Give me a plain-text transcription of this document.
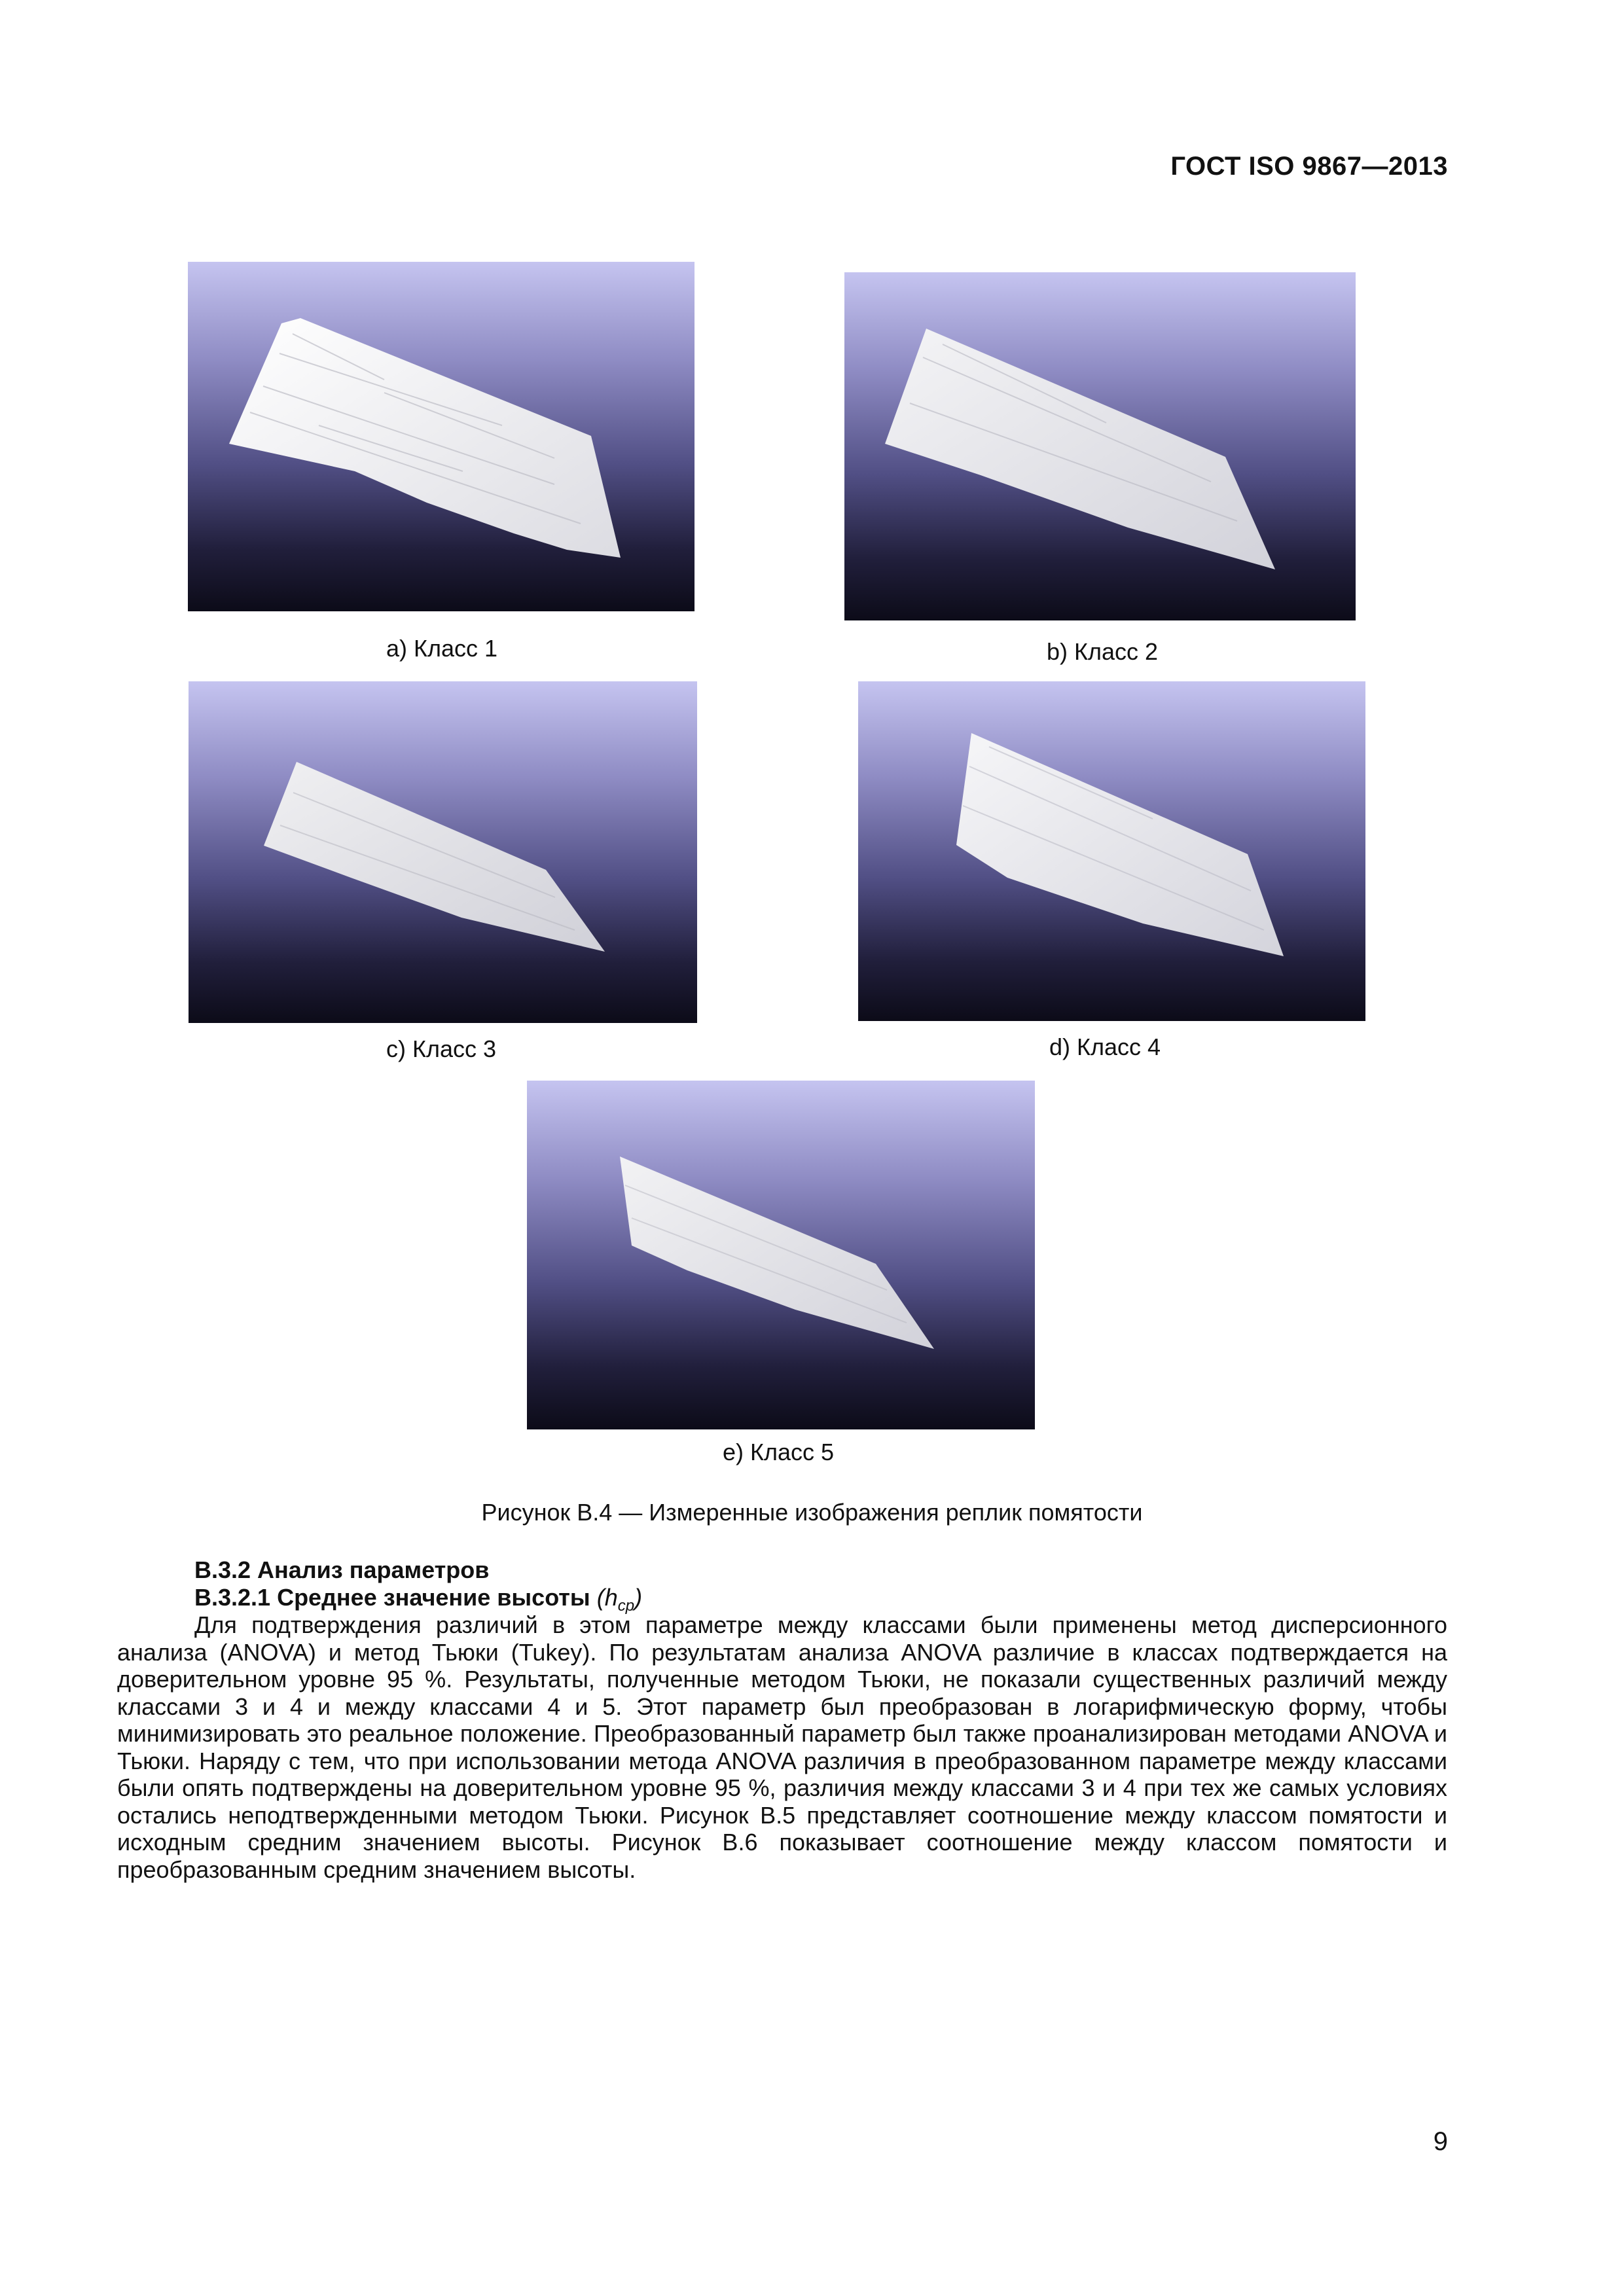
ГОСТ ISO 9867—2013
a) Класс 1	b) Класс 2
c) Класс 3	d) Класс 4
e) Класс 5
Рисунок В.4 — Измеренные изображения реплик помятости
В.3.2 Анализ параметров
В.3.2.1 Среднее значение высоты $(h_{ср})$
Для подтверждения различий в этом параметре между классами были применены метод дисперсионного анализа (ANOVA) и метод Тьюки (Tukey). По результатам анализа ANOVA различие в классах подтверждается на доверительном уровне 95 %. Результаты, полученные методом Тьюки, не показали существенных различий между классами 3 и 4 и между классами 4 и 5. Этот параметр был преобразован в логарифмическую форму, чтобы минимизировать это реальное положение. Преобразованный параметр был также проанализирован методами ANOVA и Тьюки. Наряду с тем, что при использовании метода ANOVA различия в преобразованном параметре между классами были опять подтверждены на доверительном уровне 95 %, различия между классами 3 и 4 при тех же самых условиях остались неподтвержденными методом Тьюки. Рисунок В.5 представляет соотношение между классом помятости и исходным средним значением высоты. Рисунок В.6 показывает соотношение между классом помятости и преобразованным средним значением высоты.
9
